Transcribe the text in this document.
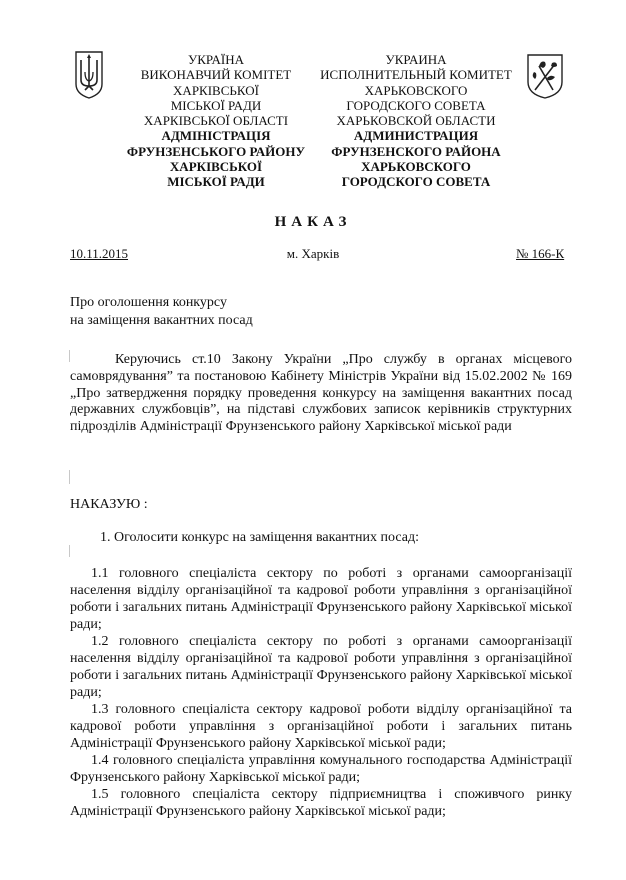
УКРАЇНА
ВИКОНАВЧИЙ КОМІТЕТ
ХАРКІВСЬКОЇ
МІСЬКОЇ РАДИ
ХАРКІВСЬКОЇ ОБЛАСТІ
АДМІНІСТРАЦІЯ
ФРУНЗЕНСЬКОГО РАЙОНУ
ХАРКІВСЬКОЇ
МІСЬКОЇ РАДИ
УКРАИНА
ИСПОЛНИТЕЛЬНЫЙ КОМИТЕТ
ХАРЬКОВСКОГО
ГОРОДСКОГО СОВЕТА
ХАРЬКОВСКОЙ ОБЛАСТИ
АДМИНИСТРАЦИЯ
ФРУНЗЕНСКОГО РАЙОНА
ХАРЬКОВСКОГО
ГОРОДСКОГО СОВЕТА
НАКАЗ
10.11.2015	м. Харків	№ 166-К
Про оголошення конкурсу
на заміщення вакантних посад
Керуючись ст.10 Закону України „Про службу в органах місцевого самоврядування” та постановою Кабінету Міністрів України від 15.02.2002 № 169 „Про затвердження порядку проведення конкурсу на заміщення вакантних посад державних службовців”, на підставі службових записок керівників структурних підрозділів Адміністрації Фрунзенського району Харківської міської ради
НАКАЗУЮ :
1. Оголосити конкурс на заміщення вакантних посад:
1.1 головного спеціаліста сектору по роботі з органами самоорганізації населення відділу організаційної та кадрової роботи управління з організаційної роботи і загальних питань Адміністрації Фрунзенського району Харківської міської ради;
1.2 головного спеціаліста сектору по роботі з органами самоорганізації населення відділу організаційної та кадрової роботи управління з організаційної роботи і загальних питань Адміністрації Фрунзенського району Харківської міської ради;
1.3 головного спеціаліста сектору кадрової роботи відділу організаційної та кадрової роботи управління з організаційної роботи і загальних питань Адміністрації Фрунзенського району Харківської міської ради;
1.4 головного спеціаліста управління комунального господарства Адміністрації Фрунзенського району Харківської міської ради;
1.5 головного спеціаліста сектору підприємництва і споживчого ринку Адміністрації Фрунзенського району Харківської міської ради;
